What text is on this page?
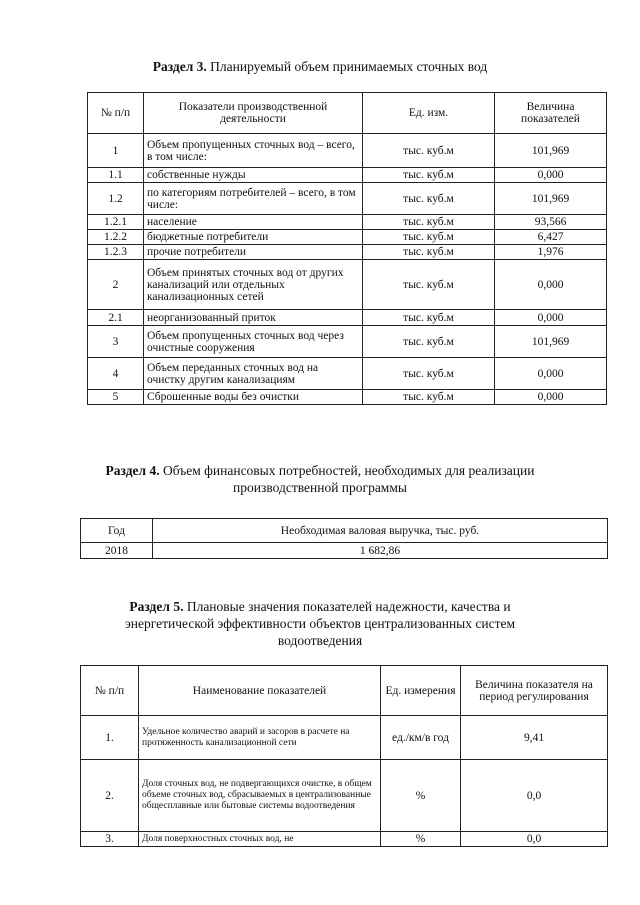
Раздел 3. Планируемый объем принимаемых сточных вод
№ п/п	Показатели производственной деятельности	Ед. изм.	Величина показателей
1	Объем пропущенных сточных вод – всего, в том числе:	тыс. куб.м	101,969
1.1	собственные нужды	тыс. куб.м	0,000
1.2	по категориям потребителей – всего, в том числе:	тыс. куб.м	101,969
1.2.1	население	тыс. куб.м	93,566
1.2.2	бюджетные потребители	тыс. куб.м	6,427
1.2.3	прочие потребители	тыс. куб.м	1,976
2	Объем принятых сточных вод от других канализаций или отдельных канализационных сетей	тыс. куб.м	0,000
2.1	неорганизованный приток	тыс. куб.м	0,000
3	Объем пропущенных сточных вод через очистные сооружения	тыс. куб.м	101,969
4	Объем переданных сточных вод на очистку другим канализациям	тыс. куб.м	0,000
5	Сброшенные воды без очистки	тыс. куб.м	0,000
Раздел 4. Объем финансовых потребностей, необходимых для реализации
производственной программы
Год	Необходимая валовая выручка, тыс. руб.
2018	1 682,86
Раздел 5. Плановые значения показателей надежности, качества и
энергетической эффективности объектов централизованных систем
водоотведения
№ п/п	Наименование показателей	Ед. измерения	Величина показателя на период регулирования
1.	Удельное количество аварий и засоров в расчете на протяженность канализационной сети	ед./км/в год	9,41
2.	Доля сточных вод, не подвергающихся очистке, в общем объеме сточных вод, сбрасываемых в централизованные общесплавные или бытовые системы водоотведения	%	0,0
3.	Доля поверхностных сточных вод, не	%	0,0
